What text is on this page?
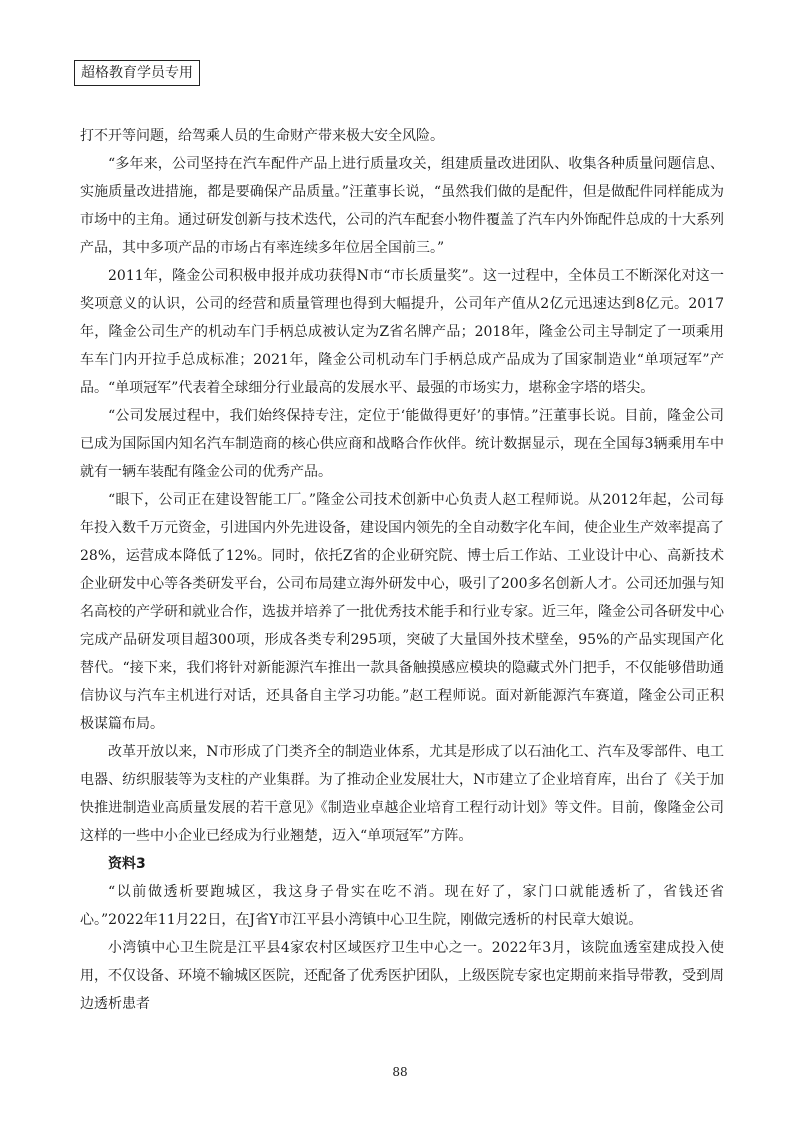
超格教育学员专用

打不开等问题，给驾乘人员的生命财产带来极大安全风险。

“多年来，公司坚持在汽车配件产品上进行质量攻关，组建质量改进团队、收集各种质量问题信息、实施质量改进措施，都是要确保产品质量。”汪董事长说，“虽然我们做的是配件，但是做配件同样能成为市场中的主角。通过研发创新与技术迭代，公司的汽车配套小物件覆盖了汽车内外饰配件总成的十大系列产品，其中多项产品的市场占有率连续多年位居全国前三。”

2011年，隆金公司积极申报并成功获得N市“市长质量奖”。这一过程中，全体员工不断深化对这一奖项意义的认识，公司的经营和质量管理也得到大幅提升，公司年产值从2亿元迅速达到8亿元。2017年，隆金公司生产的机动车门手柄总成被认定为Z省名牌产品；2018年，隆金公司主导制定了一项乘用车车门内开拉手总成标准；2021年，隆金公司机动车门手柄总成产品成为了国家制造业“单项冠军”产品。“单项冠军”代表着全球细分行业最高的发展水平、最强的市场实力，堪称金字塔的塔尖。

“公司发展过程中，我们始终保持专注，定位于‘能做得更好’的事情。”汪董事长说。目前，隆金公司已成为国际国内知名汽车制造商的核心供应商和战略合作伙伴。统计数据显示，现在全国每3辆乘用车中就有一辆车装配有隆金公司的优秀产品。

“眼下，公司正在建设智能工厂。”隆金公司技术创新中心负责人赵工程师说。从2012年起，公司每年投入数千万元资金，引进国内外先进设备，建设国内领先的全自动数字化车间，使企业生产效率提高了28%，运营成本降低了12%。同时，依托Z省的企业研究院、博士后工作站、工业设计中心、高新技术企业研发中心等各类研发平台，公司布局建立海外研发中心，吸引了200多名创新人才。公司还加强与知名高校的产学研和就业合作，选拔并培养了一批优秀技术能手和行业专家。近三年，隆金公司各研发中心完成产品研发项目超300项，形成各类专利295项，突破了大量国外技术壁垒，95%的产品实现国产化替代。“接下来，我们将针对新能源汽车推出一款具备触摸感应模块的隐藏式外门把手，不仅能够借助通信协议与汽车主机进行对话，还具备自主学习功能。”赵工程师说。面对新能源汽车赛道，隆金公司正积极谋篇布局。

改革开放以来，N市形成了门类齐全的制造业体系，尤其是形成了以石油化工、汽车及零部件、电工电器、纺织服装等为支柱的产业集群。为了推动企业发展壮大，N市建立了企业培育库，出台了《关于加快推进制造业高质量发展的若干意见》《制造业卓越企业培育工程行动计划》等文件。目前，像隆金公司这样的一些中小企业已经成为行业翘楚，迈入“单项冠军”方阵。

资料3

“以前做透析要跑城区，我这身子骨实在吃不消。现在好了，家门口就能透析了，省钱还省心。”2022年11月22日，在J省Y市江平县小湾镇中心卫生院，刚做完透析的村民章大娘说。

小湾镇中心卫生院是江平县4家农村区域医疗卫生中心之一。2022年3月，该院血透室建成投入使用，不仅设备、环境不输城区医院，还配备了优秀医护团队，上级医院专家也定期前来指导带教，受到周边透析患者

88
